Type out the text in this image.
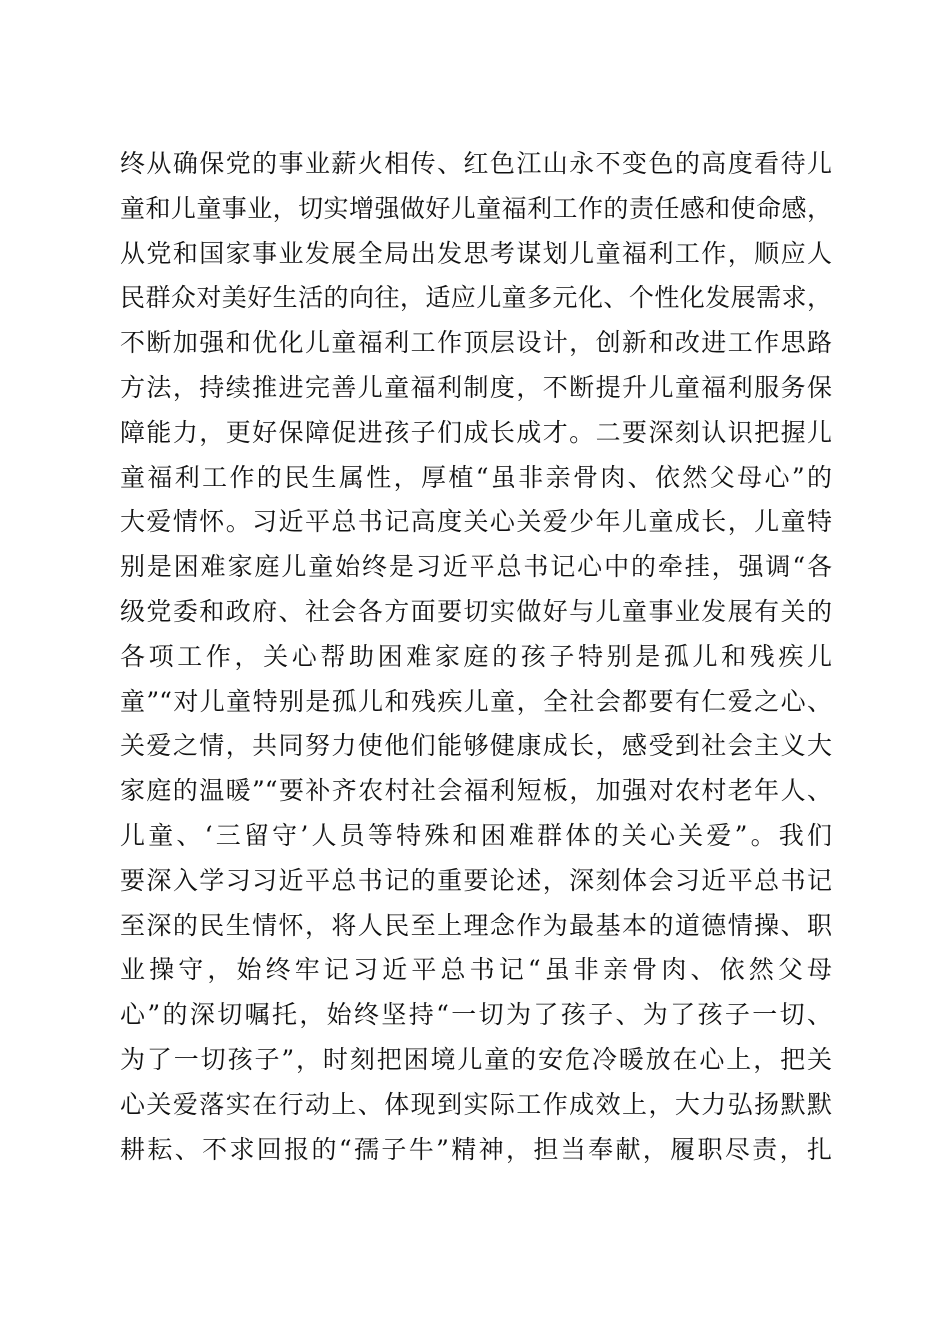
终从确保党的事业薪火相传、红色江山永不变色的高度看待儿
童和儿童事业，切实增强做好儿童福利工作的责任感和使命感，
从党和国家事业发展全局出发思考谋划儿童福利工作，顺应人
民群众对美好生活的向往，适应儿童多元化、个性化发展需求，
不断加强和优化儿童福利工作顶层设计，创新和改进工作思路
方法，持续推进完善儿童福利制度，不断提升儿童福利服务保
障能力，更好保障促进孩子们成长成才。二要深刻认识把握儿
童福利工作的民生属性，厚植“虽非亲骨肉、依然父母心”的
大爱情怀。习近平总书记高度关心关爱少年儿童成长，儿童特
别是困难家庭儿童始终是习近平总书记心中的牵挂，强调“各
级党委和政府、社会各方面要切实做好与儿童事业发展有关的
各项工作，关心帮助困难家庭的孩子特别是孤儿和残疾儿
童”“对儿童特别是孤儿和残疾儿童，全社会都要有仁爱之心、
关爱之情，共同努力使他们能够健康成长，感受到社会主义大
家庭的温暖”“要补齐农村社会福利短板，加强对农村老年人、
儿童、‘三留守’人员等特殊和困难群体的关心关爱”。我们
要深入学习习近平总书记的重要论述，深刻体会习近平总书记
至深的民生情怀，将人民至上理念作为最基本的道德情操、职
业操守，始终牢记习近平总书记“虽非亲骨肉、依然父母
心”的深切嘱托，始终坚持“一切为了孩子、为了孩子一切、
为了一切孩子”，时刻把困境儿童的安危冷暖放在心上，把关
心关爱落实在行动上、体现到实际工作成效上，大力弘扬默默
耕耘、不求回报的“孺子牛”精神，担当奉献，履职尽责，扎
